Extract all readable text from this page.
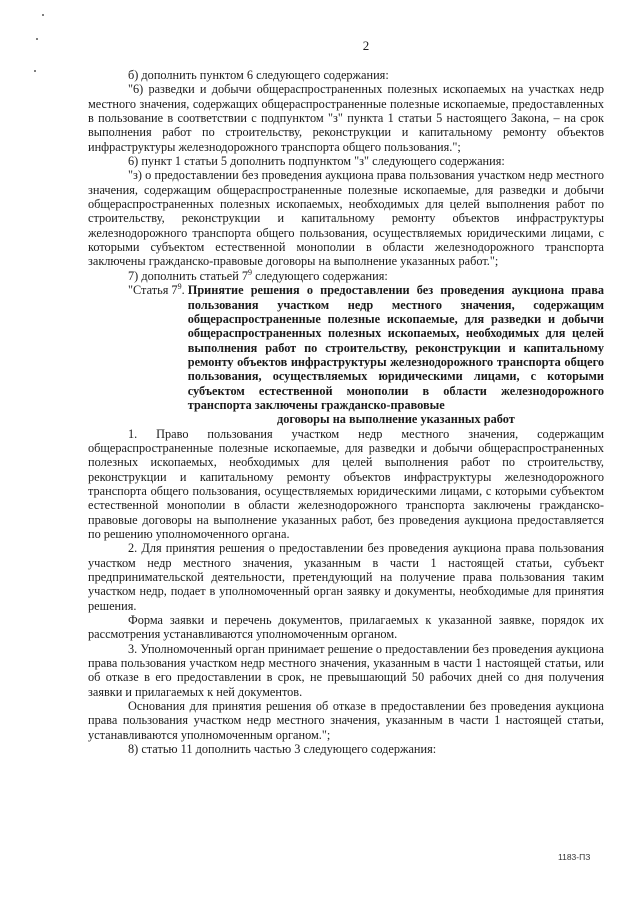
2

б) дополнить пунктом 6 следующего содержания:

"6) разведки и добычи общераспространенных полезных ископаемых на участках недр местного значения, содержащих общераспространенные полезные ископаемые, предоставленных в пользование в соответствии с подпунктом "з" пункта 1 статьи 5 настоящего Закона, – на срок выполнения работ по строительству, реконструкции и капитальному ремонту объектов инфраструктуры железнодорожного транспорта общего пользования.";

6) пункт 1 статьи 5 дополнить подпунктом "з" следующего содержания:

"з) о предоставлении без проведения аукциона права пользования участком недр местного значения, содержащим общераспространенные полезные ископаемые, для разведки и добычи общераспространенных полезных ископаемых, необходимых для целей выполнения работ по строительству, реконструкции и капитальному ремонту объектов инфраструктуры железнодорожного транспорта общего пользования, осуществляемых юридическими лицами, с которыми субъектом естественной монополии в области железнодорожного транспорта заключены гражданско-правовые договоры на выполнение указанных работ.";

7) дополнить статьей $7^9$ следующего содержания:

"Статья $7^9$. Принятие решения о предоставлении без проведения аукциона права пользования участком недр местного значения, содержащим общераспространенные полезные ископаемые, для разведки и добычи общераспространенных полезных ископаемых, необходимых для целей выполнения работ по строительству, реконструкции и капитальному ремонту объектов инфраструктуры железнодорожного транспорта общего пользования, осуществляемых юридическими лицами, с которыми субъектом естественной монополии в области железнодорожного транспорта заключены гражданско-правовые
договоры на выполнение указанных работ

1. Право пользования участком недр местного значения, содержащим общераспространенные полезные ископаемые, для разведки и добычи общераспространенных полезных ископаемых, необходимых для целей выполнения работ по строительству, реконструкции и капитальному ремонту объектов инфраструктуры железнодорожного транспорта общего пользования, осуществляемых юридическими лицами, с которыми субъектом естественной монополии в области железнодорожного транспорта заключены гражданско-правовые договоры на выполнение указанных работ, без проведения аукциона предоставляется по решению уполномоченного органа.

2. Для принятия решения о предоставлении без проведения аукциона права пользования участком недр местного значения, указанным в части 1 настоящей статьи, субъект предпринимательской деятельности, претендующий на получение права пользования таким участком недр, подает в уполномоченный орган заявку и документы, необходимые для принятия решения.

Форма заявки и перечень документов, прилагаемых к указанной заявке, порядок их рассмотрения устанавливаются уполномоченным органом.

3. Уполномоченный орган принимает решение о предоставлении без проведения аукциона права пользования участком недр местного значения, указанным в части 1 настоящей статьи, или об отказе в его предоставлении в срок, не превышающий 50 рабочих дней со дня получения заявки и прилагаемых к ней документов.

Основания для принятия решения об отказе в предоставлении без проведения аукциона права пользования участком недр местного значения, указанным в части 1 настоящей статьи, устанавливаются уполномоченным органом.";

8) статью 11 дополнить частью 3 следующего содержания:

1183-ПЗ
